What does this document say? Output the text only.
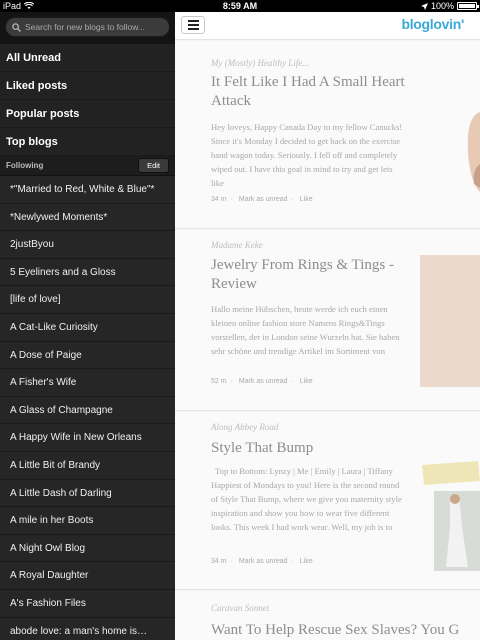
iPad	8:59 AM	100%
Search for new blogs to follow...
All Unread
Liked posts
Popular posts
Top blogs
Following	Edit
*"Married to Red, White & Blue"*
*Newlywed Moments*
2justByou
5 Eyeliners and a Gloss
[life of love]
A Cat-Like Curiosity
A Dose of Paige
A Fisher's Wife
A Glass of Champagne
A Happy Wife in New Orleans
A Little Bit of Brandy
A Little Dash of Darling
A mile in her Boots
A Night Owl Blog
A Royal Daughter
A's Fashion Files
abode love: a man's home is…
bloglovin'
My (Mostly) Healthy Life...
It Felt Like I Had A Small Heart Attack
Hey loveys, Happy Canada Day to my fellow Canucks! Since it's Monday I decided to get back on the exercise band wagon today. Seriously. I fell off and completely wiped out. I have this goal in mind to try and get lets like
34 m · Mark as unread · Like
Madame Keke
Jewelry From Rings & Tings - Review
Hallo meine Hübschen, heute werde ich euch einen kleinen online fashion store Namens Rings&Tings vorstellen, der in London seine Wurzeln hat. Sie haben sehr schöne und trendige Artikel im Sortiment von
52 m · Mark as unread · Like
Along Abbey Road
Style That Bump
Top to Bottom: Lynzy | Me | Emily | Laura | Tiffany Happiest of Mondays to you! Here is the second round of Style That Bump, where we give you maternity style inspiration and show you how to wear five different looks. This week I had work wear. Well, my job is to
34 m · Mark as unread · Like
Caravan Sonnet
Want To Help Rescue Sex Slaves? You G
